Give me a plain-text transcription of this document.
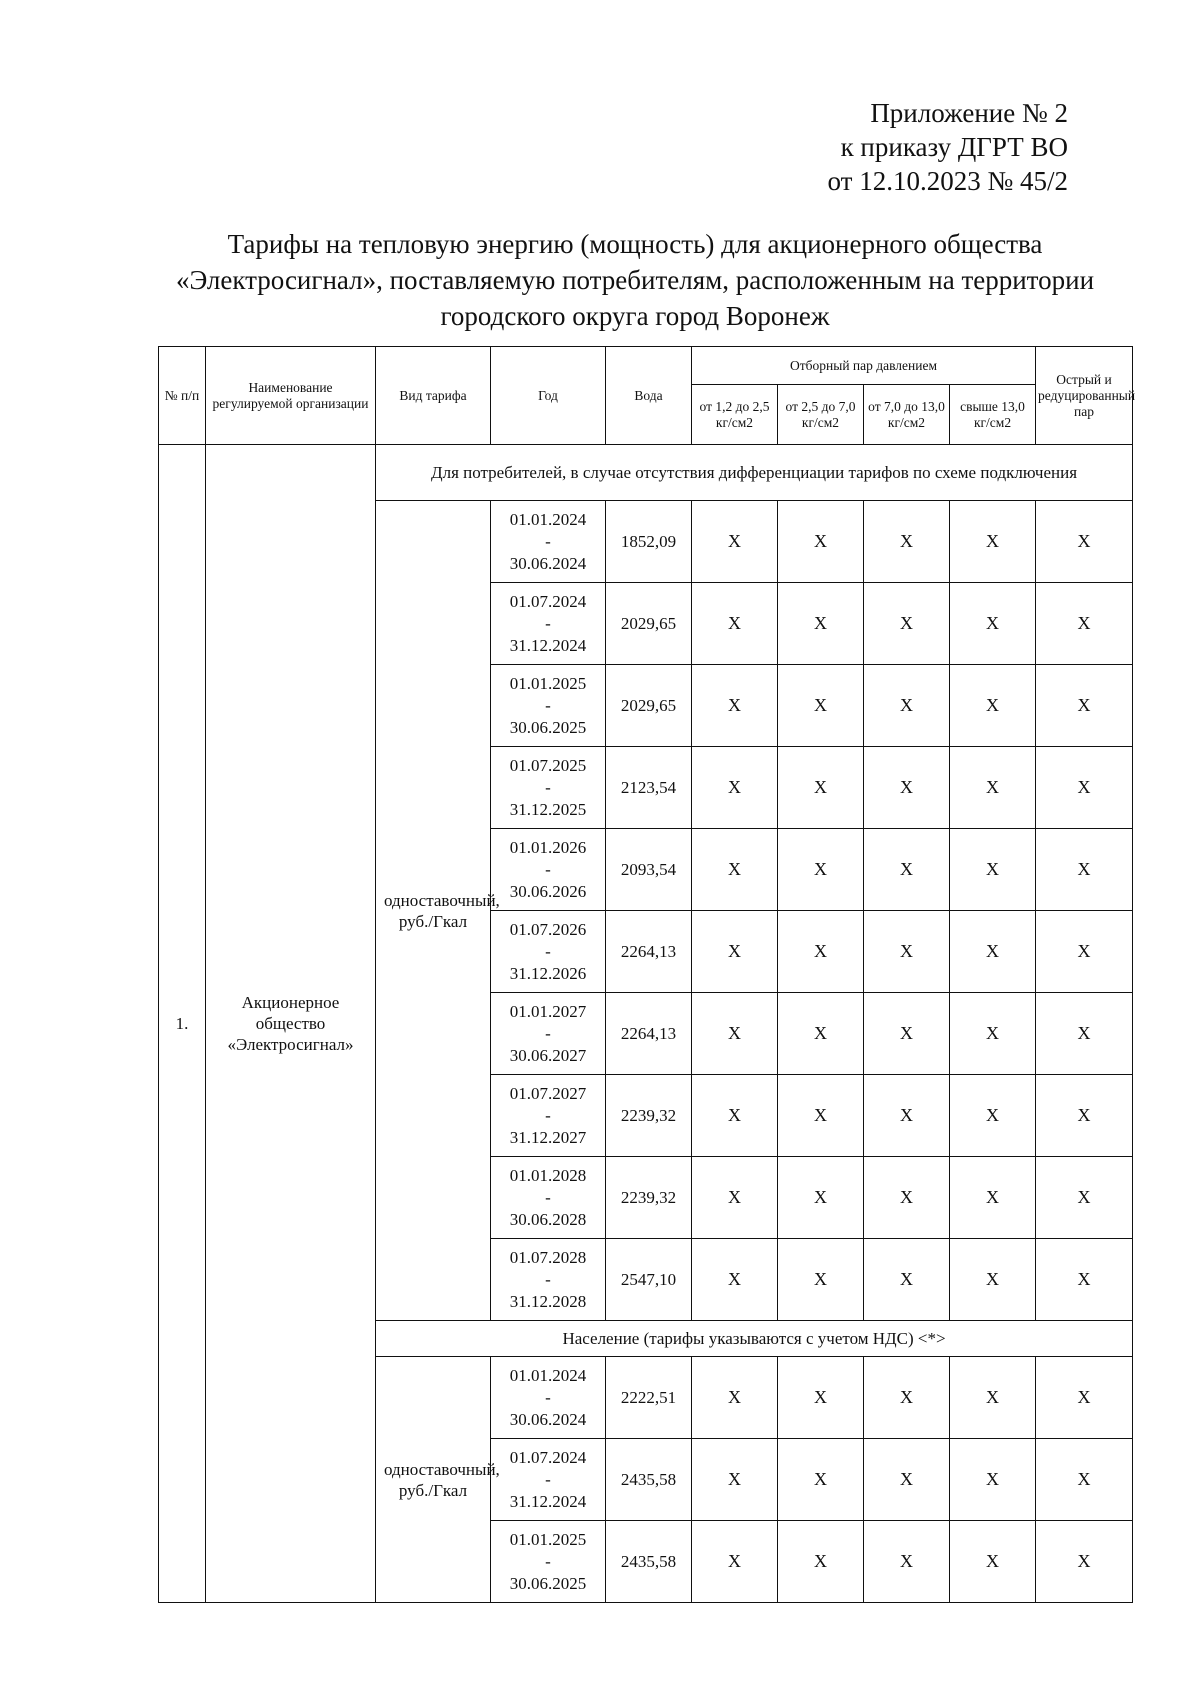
Приложение № 2
к приказу ДГРТ ВО
от 12.10.2023 № 45/2
Тарифы на тепловую энергию (мощность) для акционерного общества
«Электросигнал», поставляемую потребителям, расположенным на территории
городского округа город Воронеж
№ п/п	Наименование регулируемой организации	Вид тарифа	Год	Вода	Отборный пар давлением				Острый и редуцированный пар
					от 1,2 до 2,5 кг/см2	от 2,5 до 7,0 кг/см2	от 7,0 до 13,0 кг/см2	свыше 13,0 кг/см2	
1.	Акционерное общество «Электросигнал»	Для потребителей, в случае отсутствия дифференциации тарифов по схеме подключения							
		одноставочный, руб./Гкал	01.01.2024
-
30.06.2024	1852,09	X	X	X	X	X

			01.07.2024
-
31.12.2024	2029,65	X	X	X	X	X

			01.01.2025
-
30.06.2025	2029,65	X	X	X	X	X

			01.07.2025
-
31.12.2025	2123,54	X	X	X	X	X

			01.01.2026
-
30.06.2026	2093,54	X	X	X	X	X

			01.07.2026
-
31.12.2026	2264,13	X	X	X	X	X

			01.01.2027
-
30.06.2027	2264,13	X	X	X	X	X

			01.07.2027
-
31.12.2027	2239,32	X	X	X	X	X

			01.01.2028
-
30.06.2028	2239,32	X	X	X	X	X

			01.07.2028
-
31.12.2028	2547,10	X	X	X	X	X
		Население (тарифы указываются с учетом НДС) <*>							
		одноставочный, руб./Гкал	01.01.2024
-
30.06.2024	2222,51	X	X	X	X	X

			01.07.2024
-
31.12.2024	2435,58	X	X	X	X	X

			01.01.2025
-
30.06.2025	2435,58	X	X	X	X	X
